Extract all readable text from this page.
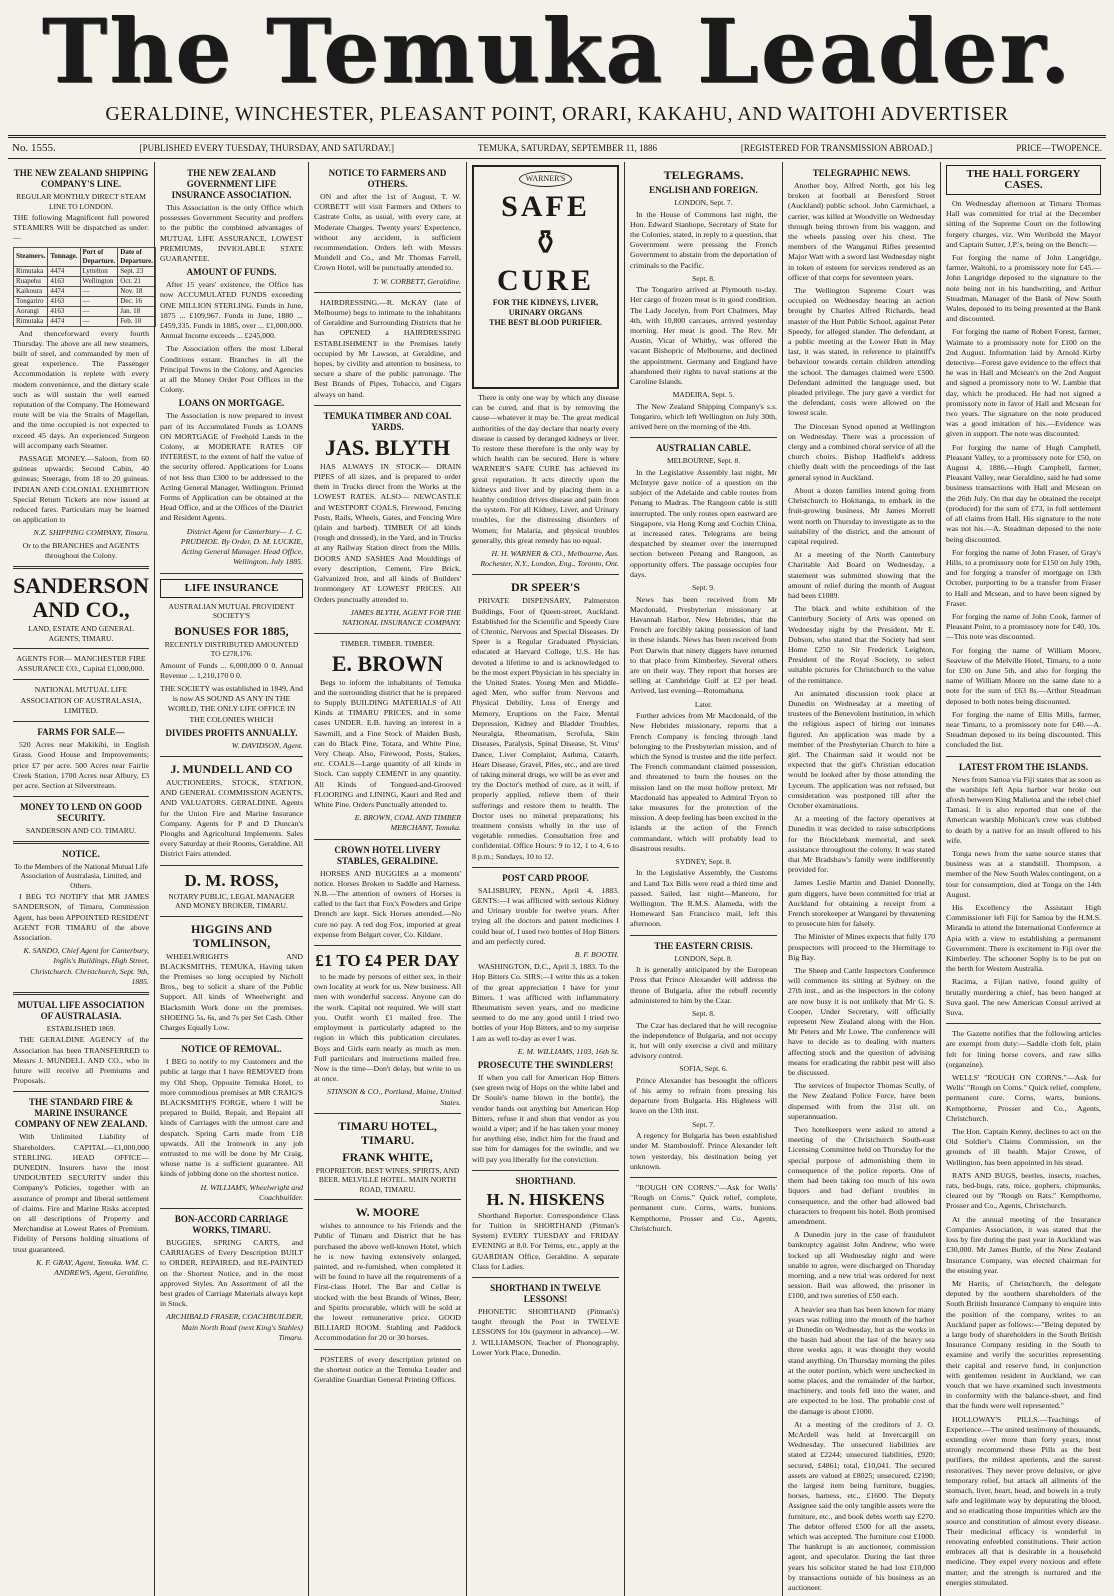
The Temuka Leader.
GERALDINE, WINCHESTER, PLEASANT POINT, ORARI, KAKAHU, AND WAITOHI ADVERTISER
No. 1555.	[PUBLISHED EVERY TUESDAY, THURSDAY, AND SATURDAY.]	TEMUKA, SATURDAY, SEPTEMBER 11, 1886	[REGISTERED FOR TRANSMISSION ABROAD.]	PRICE—TWOPENCE.
THE NEW ZEALAND SHIPPING COMPANY'S LINE.
REGULAR MONTHLY DIRECT STEAM LINE TO LONDON.

THE following Magnificent full powered STEAMERS Will be dispatched as under:—

Steamers.	Tonnage.	Port of Departure.	Date of Departure.
Rimutaka	4474	Lyttelton	Sept. 23
Ruapehu	4163	Wellington	Oct. 21
Kaikoura	4474	—	Nov. 18
Tongariro	4163	—	Dec. 16
Aorangi	4163	—	Jan. 18
Rimutaka	4474	—	Feb. 10

And thenceforward every fourth Thursday. The above are all new steamers, built of steel, and commanded by men of great experience. The Passenger Accommodation is replete with every modern convenience, and the dietary scale such as will sustain the well earned reputation of the Company. The Homeward route will be via the Straits of Magellan, and the time occupied is not expected to exceed 45 days. An experienced Surgeon will accompany each Steamer.

PASSAGE MONEY.—Saloon, from 60 guineas upwards; Second Cabin, 40 guineas; Steerage, from 18 to 20 guineas. INDIAN AND COLONIAL EXHIBITION Special Return Tickets are now issued at reduced fares. Particulars may be learned on application to

N.Z. SHIPPING COMPANY, Timaru.

Or to the BRANCHES and AGENTS throughout the Colony.

SANDERSON AND CO.,
LAND, ESTATE AND GENERAL AGENTS, TIMARU.

AGENTS FOR— MANCHESTER FIRE ASSURANCE CO., Capital £1,000,000.

NATIONAL MUTUAL LIFE ASSOCIATION OF AUSTRALASIA, LIMITED.

FARMS FOR SALE—

520 Acres near Makikihi, in English Grass. Good House and Improvements; price £7 per acre. 500 Acres near Fairlie Creek Station, 1700 Acres near Albury, £3 per acre. Section at Silverstream.

MONEY TO LEND ON GOOD SECURITY.
SANDERSON AND CO. TIMARU.
NOTICE.
To the Members of the National Mutual Life Association of Australasia, Limited, and Others.

I BEG TO NOTIFY that MR JAMES SANDERSON, of Timaru, Commission Agent, has been APPOINTED RESIDENT AGENT FOR TIMARU of the above Association.

K. SANDO, Chief Agent for Canterbury, Inglis's Buildings, High Street, Christchurch. Christchurch, Sept. 9th, 1885.
MUTUAL LIFE ASSOCIATION OF AUSTRALASIA.
ESTABLISHED 1869.

THE GERALDINE AGENCY of the Association has been TRANSFERRED to Messrs J. MUNDELL AND CO., who in future will receive all Premiums and Proposals.

THE STANDARD FIRE & MARINE INSURANCE COMPANY OF NEW ZEALAND.

With Unlimited Liability of Shareholders. CAPITAL—£1,000,000 STERLING. HEAD OFFICE—DUNEDIN. Insurers have the most UNDOUBTED SECURITY under this Company's Policies, together with an assurance of prompt and liberal settlement of claims. Fire and Marine Risks accepted on all descriptions of Property and Merchandise at Lowest Rates of Premium. Fidelity of Persons holding situations of trust guaranteed.

K. F. GRAY, Agent, Temuka. WM. C. ANDREWS, Agent, Geraldine.
THE NEW ZEALAND GOVERNMENT LIFE INSURANCE ASSOCIATION.

This Association is the only Office which possesses Government Security and proffers to the public the combined advantages of MUTUAL LIFE ASSURANCE, LOWEST PREMIUMS, INVIOLABLE STATE GUARANTEE.

AMOUNT OF FUNDS.

After 15 years' existence, the Office has now ACCUMULATED FUNDS exceeding ONE MILLION STERLING. Funds in June, 1875 ... £109,967. Funds in June, 1880 ... £459,335. Funds in 1885, over ... £1,000,000. Annual Income exceeds ... £245,000.

The Association offers the most Liberal Conditions extant. Branches in all the Principal Towns in the Colony, and Agencies at all the Money Order Post Offices in the Colony.

LOANS ON MORTGAGE.

The Association is now prepared to invest part of its Accumulated Funds as LOANS ON MORTGAGE of Freehold Lands in the Colony, at MODERATE RATES OF INTEREST, to the extent of half the value of the security offered. Applications for Loans of not less than £300 to be addressed to the Acting General Manager, Wellington. Printed Forms of Application can be obtained at the Head Office, and at the Offices of the District and Resident Agents.

District Agent for Canterbury— J. C. PRUDHOE. By Order, D. M. LUCKIE, Acting General Manager. Head Office, Wellington, July 1885.
LIFE INSURANCE
AUSTRALIAN MUTUAL PROVIDENT SOCIETY'S
BONUSES FOR 1885,
RECENTLY DISTRIBUTED AMOUNTED TO £278,176.

Amount of Funds ... 6,000,000 0 0. Annual Revenue ... 1,210,170 0 0.

THE SOCIETY was established in 1849, And is now AS SOUND AS ANY IN THE WORLD, THE ONLY LIFE OFFICE IN THE COLONIES WHICH

DIVIDES PROFITS ANNUALLY.
W. DAVIDSON, Agent.
J. MUNDELL AND CO

AUCTIONEERS, STOCK, STATION, AND GENERAL COMMISSION AGENTS, AND VALUATORS. GERALDINE. Agents for the Union Fire and Marine Insurance Company. Agents for P and D Duncan's Ploughs and Agricultural Implements. Sales every Saturday at their Rooms, Geraldine. All District Fairs attended.

D. M. ROSS,
NOTARY PUBLIC, LEGAL MANAGER AND MONEY BROKER, TIMARU.
HIGGINS AND TOMLINSON,

WHEELWRIGHTS AND BLACKSMITHS, TEMUKA, Having taken the Premises so long occupied by Nicholl Bros., beg to solicit a share of the Public Support. All kinds of Wheelwright and Blacksmith Work done on the premises. SHOEING 5s, 6s, and 7s per Set Cash. Other Charges Equally Low.

NOTICE OF REMOVAL.

I BEG to notify to my Customers and the public at large that I have REMOVED from my Old Shop, Opposite Temuka Hotel, to more commodious premises at MR CRAIG'S BLACKSMITH'S FORGE, where I will be prepared to Build, Repair, and Repaint all kinds of Carriages with the utmost care and despatch. Spring Carts made from £18 upwards. All the Ironwork in any job entrusted to me will be done by Mr Craig, whose name is a sufficient guarantee. All kinds of jobbing done on the shortest notice.

H. WILLIAMS, Wheelwright and Coachbuilder.
BON-ACCORD CARRIAGE WORKS, TIMARU.

BUGGIES, SPRING CARTS, and CARRIAGES of Every Description BUILT to ORDER, REPAIRED, and RE-PAINTED on the Shortest Notice, and in the most approved Styles. An Assortment of all the best grades of Carriage Materials always kept in Stock.

ARCHIBALD FRASER, COACHBUILDER, Main North Road (next King's Stables) Timaru.
NOTICE TO FARMERS AND OTHERS.

ON and after the 1st of August, T. W. CORBETT will visit Farmers and Others to Castrate Colts, as usual, with every care, at Moderate Charges. Twenty years' Experience, without any accident, is sufficient recommendation. Orders left with Messrs Mundell and Co., and Mr Thomas Farrell, Crown Hotel, will be punctually attended to.

T. W. CORBETT, Geraldine.

HAIRDRESSING.—R. McKAY (late of Melbourne) begs to intimate to the inhabitants of Geraldine and Surrounding Districts that he has OPENED a HAIRDRESSING ESTABLISHMENT in the Premises lately occupied by Mr Lawson, at Geraldine, and hopes, by civility and attention to business, to secure a share of the public patronage. The Best Brands of Pipes, Tobacco, and Cigars always on hand.

TEMUKA TIMBER AND COAL YARDS.
JAS. BLYTH

HAS ALWAYS IN STOCK— DRAIN PIPES of all sizes, and is prepared to order them in Trucks direct from the Works at the LOWEST RATES. ALSO— NEWCASTLE and WESTPORT COALS, Firewood, Fencing Posts, Rails, Wheels, Gates, and Fencing Wire (plain and barbed). TIMBER Of all kinds (rough and dressed), in the Yard, and in Trucks at any Railway Station direct from the Mills. DOORS AND SASHES And Mouldings of every description, Cement, Fire Brick, Galvanized Iron, and all kinds of Builders' Ironmongery AT LOWEST PRICES. All Orders punctually attended to.

JAMES BLYTH, AGENT FOR THE NATIONAL INSURANCE COMPANY.
TIMBER. TIMBER. TIMBER.
E. BROWN

Begs to inform the inhabitants of Temuka and the surrounding district that he is prepared to Supply BUILDING MATERIALS of All Kinds at TIMARU PRICES, and in some cases UNDER. E.B. having an interest in a Sawmill, and a Fine Stock of Maiden Bush, can do Black Pine, Totara, and White Pine, Very Cheap. Also, Firewood, Posts, Stakes, etc. COALS—Large quantity of all kinds in Stock. Can supply CEMENT in any quantity. All Kinds of Tongued-and-Grooved FLOORING and LINING, Kauri and Red and White Pine. Orders Punctually attended to.

E. BROWN, COAL AND TIMBER MERCHANT, Temuka.
CROWN HOTEL LIVERY STABLES, GERALDINE.

HORSES AND BUGGIES at a moments' notice. Horses Broken to Saddle and Harness. N.B.—The attention of owners of Horses is called to the fact that Fox's Powders and Gripe Drench are kept. Sick Horses attended.—No cure no pay. A red dog Fox, imported at great expense from Belgart cover, Co. Kildare.

£1 TO £4 PER DAY

to be made by persons of either sex, in their own locality at work for us. New business. All men with wonderful success. Anyone can do the work. Capital not required. We will start you. Outfit worth £1 mailed free. The employment is particularly adapted to the region in which this publication circulates. Boys and Girls earn nearly as much as men. Full particulars and instructions mailed free. Now is the time—Don't delay, but write to us at once.

STINSON & CO., Portland, Maine, United States.
TIMARU HOTEL, TIMARU.
FRANK WHITE,
PROPRIETOR. BEST WINES, SPIRITS, AND BEER. MELVILLE HOTEL. MAIN NORTH ROAD, TIMARU.
W. MOORE

wishes to announce to his Friends and the Public of Timaru and District that he has purchased the above well-known Hotel, which he is now having extensively enlarged, painted, and re-furnished, when completed it will be found to have all the requirements of a First-class Hotel. The Bar and Cellar is stocked with the best Brands of Wines, Beer, and Spirits procurable, which will be sold at the lowest remunerative price. GOOD BILLIARD ROOM. Stabling and Paddock Accommodation for 20 or 30 horses.

POSTERS of every description printed on the shortest notice at the Temuka Leader and Geraldine Guardian General Printing Offices.

WARNER'S
SAFE
⚱
CURE
FOR THE KIDNEYS, LIVER, URINARY ORGANS
THE BEST BLOOD PURIFIER.

There is only one way by which any disease can be cured, and that is by removing the cause—whatever it may be. The great medical authorities of the day declare that nearly every disease is caused by deranged kidneys or liver. To restore these therefore is the only way by which health can be secured. Here is where WARNER'S SAFE CURE has achieved its great reputation. It acts directly upon the kidneys and liver and by placing them in a healthy condition drives disease and pain from the system. For all Kidney, Liver, and Urinary troubles, for the distressing disorders of Women; for Malaria, and physical troubles generally, this great remedy has no equal.

H. H. WARNER & CO., Melbourne, Aus. Rochester, N.Y., London, Eng., Toronto, Ont.
DR SPEER'S

PRIVATE DISPENSARY, Palmerston Buildings, Foot of Queen-street, Auckland. Established for the Scientific and Speedy Cure of Chronic, Nervous and Special Diseases. Dr Speer is a Regular Graduated Physician, educated at Harvard College, U.S. He has devoted a lifetime to and is acknowledged to be the most expert Physician in his specialty in the United States. Young Men and Middle-aged Men, who suffer from Nervous and Physical Debility, Loss of Energy and Memory, Eruptions on the Face, Mental Depression, Kidney and Bladder Troubles, Neuralgia, Rheumatism, Scrofula, Skin Diseases, Paralysis, Spinal Disease, St. Vitus' Dance, Liver Complaint, Asthma, Catarrh, Heart Disease, Gravel, Piles, etc., and are tired of taking mineral drugs, we will be as ever and try the Doctor's method of cure, as it will, if properly applied, relieve them of their sufferings and restore them to health. The Doctor uses no mineral preparations; his treatment consists wholly in the use of vegetable remedies. Consultation free and confidential. Office Hours: 9 to 12, 1 to 4, 6 to 8 p.m.; Sundays, 10 to 12.

POST CARD PROOF.

SALISBURY, PENN., April 4, 1883. GENTS:—I was afflicted with serious Kidney and Urinary trouble for twelve years. After trying all the doctors and patent medicines I could hear of, I used two bottles of Hop Bitters and am perfectly cured.

B. F. BOOTH.

WASHINGTON, D.C., April 3, 1883. To the Hop Bitters Co. SIRS:—I write this as a token of the great appreciation I have for your Bitters. I was afflicted with inflammatory Rheumatism seven years, and no medicine seemed to do me any good until I tried two bottles of your Hop Bitters, and to my surprise I am as well to-day as ever I was.

E. M. WILLIAMS, 1103, 16th St.
PROSECUTE THE SWINDLERS!

If when you call for American Hop Bitters (see green twig of Hops on the white label and Dr Soule's name blown in the bottle), the vendor hands out anything but American Hop Bitters, refuse it and shun that vendor as you would a viper; and if he has taken your money for anything else, indict him for the fraud and sue him for damages for the swindle, and we will pay you liberally for the conviction.

SHORTHAND.
H. N. HISKENS

Shorthand Reporter. Correspondence Class for Tuition in SHORTHAND (Pitman's System) EVERY TUESDAY and FRIDAY EVENING at 8.0. For Terms, etc., apply at the GUARDIAN Office, Geraldine. A separate Class for Ladies.

SHORTHAND IN TWELVE LESSONS!

PHONETIC SHORTHAND (Pitman's) taught through the Post in TWELVE LESSONS for 10s (payment in advance).—W. J. WILLIAMSON, Teacher of Phonography, Lower York Place, Dunedin.

TELEGRAMS.
ENGLISH AND FOREIGN.
LONDON, Sept. 7.

In the House of Commons last night, the Hon. Edward Stanhope, Secretary of State for the Colonies, stated, in reply to a question, that Government were pressing the French Government to abstain from the deportation of criminals to the Pacific.

Sept. 8.

The Tongariro arrived at Plymouth to-day. Her cargo of frozen meat is in good condition. The Lady Jocelyn, from Port Chalmers, May 4th, with 10,800 carcases, arrived yesterday morning. Her meat is good. The Rev. Mr Austin, Vicar of Whitby, was offered the vacant Bishopric of Melbourne, and declined the appointment. Germany and England have abandoned their rights to naval stations at the Caroline Islands.

MADEIRA, Sept. 5.

The New Zealand Shipping Company's s.s. Tongariro, which left Wellington on July 30th, arrived here on the morning of the 4th.

AUSTRALIAN CABLE.
MELBOURNE, Sept. 8.

In the Legislative Assembly last night, Mr McIntyre gave notice of a question on the subject of the Adelaide and cable routes from Penang to Madras. The Rangoon cable is still interrupted. The only routes open eastward are Singapore, via Hong Kong and Cochin China, at increased rates. Telegrams are being despatched by steamer over the interrupted section between Penang and Rangoon, as opportunity offers. The passage occupies four days.

Sept. 9.

News has been received from Mr Macdonald, Presbyterian missionary at Havannah Harbor, New Hebrides, that the French are forcibly taking possession of land in these islands. News has been received from Port Darwin that ninety diggers have returned to that place from Kimberley. Several others are on their way. They report that horses are selling at Cambridge Gulf at £2 per head. Arrived, last evening—Rotomahana.

Later.

Further advices from Mr Macdonald, of the New Hebrides missionary, reports that a French Company is fencing through land belonging to the Presbyterian mission, and of which the Synod is trustee and the title perfect. The French commandant claimed possession, and threatened to burn the houses on the mission land on the most hollow pretext. Mr Macdonald has appealed to Admiral Tryon to take measures for the protection of the mission. A deep feeling has been excited in the islands at the action of the French commandant, which will probably lead to disastrous results.

SYDNEY, Sept. 8.

In the Legislative Assembly, the Customs and Land Tax Bills were read a third time and passed. Sailed, last night—Manroto, for Wellington. The R.M.S. Alameda, with the Homeward San Francisco mail, left this afternoon.

THE EASTERN CRISIS.
LONDON, Sept. 8.

It is generally anticipated by the European Press that Prince Alexander will address the throne of Bulgaria, after the rebuff recently administered to him by the Czar.

Sept. 8.

The Czar has declared that he will recognise the independence of Bulgaria, and not occupy it, but will only exercise a civil and military advisory control.

SOFIA, Sept. 6.

Prince Alexander has besought the officers of his army to refrain from pressing his departure from Bulgaria. His Highness will leave on the 13th inst.

Sept. 7.

A regency for Bulgaria has been established under M. Stambouloff. Prince Alexander left town yesterday, his destination being yet unknown.

"ROUGH ON CORNS."—Ask for Wells' "Rough on Corns." Quick relief, complete, permanent cure. Corns, warts, bunions. Kempthorne, Prosser and Co., Agents, Christchurch.

TELEGRAPHIC NEWS.

Another boy, Alfred North, got his leg broken at football at Beresford Street (Auckland) public school. John Carmichael, a carrier, was killed at Woodville on Wednesday through being thrown from his waggon, and the wheels passing over his chest. The members of the Wanganui Rifles presented Major Watt with a sword last Wednesday night in token of esteem for services rendered as an officer of that corps for seventeen years.

The Wellington Supreme Court was occupied on Wednesday hearing an action brought by Charles Alfred Richards, head master of the Hutt Public School, against Peter Speedy, for alleged slander. The defendant, at a public meeting at the Lower Hutt in May last, it was stated, in reference to plaintiff's behaviour towards certain children attending the school. The damages claimed were £500. Defendant admitted the language used, but pleaded privilege. The jury gave a verdict for the defendant, costs were allowed on the lowest scale.

The Diocesan Synod opened at Wellington on Wednesday. There was a procession of clergy and a combined choral service of all the church choirs. Bishop Hadfield's address chiefly dealt with the proceedings of the last general synod in Auckland.

About a dozen families intend going from Christchurch to Hokitanga, to embark in the fruit-growing business. Mr James Morrell went north on Thursday to investigate as to the suitability of the district, and the amount of capital required.

At a meeting of the North Canterbury Charitable Aid Board on Wednesday, a statement was submitted showing that the amount of relief during the month of August had been £1089.

The black and white exhibition of the Canterbury Society of Arts was opened on Wednesday night by the President, Mr E. Dobson, who stated that the Society had sent Home £250 to Sir Frederick Leighton, President of the Royal Society, to select suitable pictures for Christchurch to the value of the remittance.

An animated discussion took place at Dunedin on Wednesday at a meeting of trustees of the Benevolent Institution, in which the religious aspect of hiring out inmates figured. An application was made by a member of the Presbyterian Church to hire a girl. The Chairman said it would not be expected that the girl's Christian education would be looked after by those attending the Lyceum. The application was not refused, but consideration was postponed till after the October examinations.

At a meeting of the factory operatives at Dunedin it was decided to raise subscriptions for the Brocklebank memorial, and seek assistance throughout the colony. It was stated that Mr Bradshaw's family were indifferently provided for.

James Leslie Martin and Daniel Donnelly, gum diggers, have been committed for trial at Auckland for obtaining a receipt from a French storekeeper at Wangarei by threatening to prosecute him for falsely.

The Minister of Mines expects that fully 170 prospectors will proceed to the Hermitage to Big Bay.

The Sheep and Cattle Inspectors Conference will commence its sitting at Sydney on the 27th inst., and as the inspectors in the colony are now busy it is not unlikely that Mr G. S. Cooper, Under Secretary, will officially represent New Zealand along with the Hon. Mr Peters and Mr Lowe. The conference will have to decide as to dealing with matters affecting stock and the question of advising means for eradicating the rabbit pest will also be discussed.

The services of Inspector Thomas Scully, of the New Zealand Police Force, have been dispensed with from the 31st ult. on superannuation.

Two hotelkeepers were asked to attend a meeting of the Christchurch South-east Licensing Committee held on Thursday for the special purpose of admonishing them in consequence of the police reports. One of them had been taking too much of his own liquors and had defiant troubles in consequence, and the other had allowed bad characters to frequent his hotel. Both promised amendment.

A Dunedin jury in the case of fraudulent bankruptcy against John Andrew, who were locked up all Wednesday night and were unable to agree, were discharged on Thursday morning, and a new trial was ordered for next session. Bail was allowed, the prisoner in £100, and two sureties of £50 each.

A heavier sea than has been known for many years was rolling into the mouth of the harbor at Dunedin on Wednesday, but as the works in the basin had about the last of the heavy sea three weeks ago, it was thought they would stand anything. On Thursday morning the piles at the outer portion, which were unchecked in some places, and the remainder of the harbor, machinery, and tools fell into the water, and are expected to be lost. The probable cost of the damage is about £1000.

At a meeting of the creditors of J. O. McArdell was held at Invercargill on Wednesday. The unsecured liabilities are stated at £2244; unsecured liabilities, £920; secured, £4861; total, £10,041. The secured assets are valued at £8025; unsecured, £2190; the largest item being furniture, buggies, horses, harness, etc., £1600. The Deputy Assignee said the only tangible assets were the furniture, etc., and book debts worth say £270. The debtor offered £500 for all the assets, which was accepted. The furniture cost £1000. The bankrupt is an auctioneer, commission agent, and speculator. During the last three years his solicitor stated he had lost £10,000 by transactions outside of his business as an auctioneer.

THE HALL FORGERY CASES.

On Wednesday afternoon at Timaru Thomas Hall was committed for trial at the December sitting of the Supreme Court on the following forgery charges, viz. Wm Weribold the Mayor and Captain Sutter, J.P.'s, being on the Bench:—

For forging the name of John Langridge, farmer, Waitohi, to a promissory note for £45.—John Langridge deposed to the signature to the note being not in his handwriting, and Arthur Steadman, Manager of the Bank of New South Wales, deposed to its being presented at the Bank and discounted.

For forging the name of Robert Forest, farmer, Waimate to a promissory note for £100 on the 2nd August. Information laid by Arnold Kirby detective—Forest gave evidence to the effect that he was in Hall and Mcsean's on the 2nd August and signed a promissory note to W. Lambie that day, which he produced. He had not signed a promissory note in favor of Hall and Mcsean for two years. The signature on the note produced was a good imitation of his.—Evidence was given in support. The note was discounted.

For forging the name of Hugh Campbell, Pleasant Valley, to a promissory note for £50, on August 4, 1886.—Hugh Campbell, farmer, Pleasant Valley, near Geraldine, said he had some business transactions with Hall and Mcsean on the 26th July. On that day he obtained the receipt (produced) for the sum of £73, in full settlement of all claims from Hall. His signature to the note was not his.—A. Steadman deposed to the note being discounted.

For forging the name of John Fraser, of Gray's Hills, to a promissory note for £150 on July 19th, and for forging a transfer of mortgage on 13th October, purporting to be a transfer from Fraser to Hall and Mcsean, and to have been signed by Fraser.

For forging the name of John Cook, farmer of Pleasant Point, to a promissory note for £40, 10s.—This note was discounted.

For forging the name of William Moore, Seaview of the Melville Hotel, Timaru, to a note for £30 on June 5th, and also for forging the name of William Moore on the same date to a note for the sum of £63 8s.—Arthur Steadman deposed to both notes being discounted.

For forging the name of Ellis Mills, farmer, near Timaru, to a promissory note for £40.—A. Steadman deposed to its being discounted. This concluded the list.

LATEST FROM THE ISLANDS.

News from Samoa via Fiji states that as soon as the warships left Apia harbor war broke out afresh between King Malietoa and the rebel chief Tamasi. It is also reported that one of the American warship Mohican's crew was clubbed to death by a native for an insult offered to his wife.

Tonga news from the same source states that business was at a standstill. Thompson, a member of the New South Wales contingent, on a tour for consumption, died at Tonga on the 14th August.

His Excellency the Assistant High Commissioner left Fiji for Samoa by the H.M.S. Miranda to attend the International Conference at Apia with a view to establishing a permanent Government. There is excitement in Fiji over the Kimberley. The schooner Sophy is to be put on the berth for Western Australia.

Racima, a Fijian native, found guilty of brutally murdering a chief, has been hanged at Suva gaol. The new American Consul arrived at Suva.

The Gazette notifies that the following articles are exempt from duty:—Saddle cloth felt, plain felt for lining horse covers, and raw silks (organzine).

WELLS' "ROUGH ON CORNS."—Ask for Wells' "Rough on Corns." Quick relief, complete, permanent cure. Corns, warts, bunions. Kempthorne, Prosser and Co., Agents, Christchurch.

The Hon. Captain Kenny, declines to act on the Old Soldier's Claims Commission, on the grounds of ill health. Major Crowe, of Wellington, has been appointed in his stead.

RATS AND BUGS, beetles, insects, roaches, rats, bed-bugs, rats, mice, gophers, chipmunks, cleared out by "Rough on Rats." Kempthorne, Prosser and Co., Agents, Christchurch.

At the annual meeting of the Insurance Companies Association, it was stated that the loss by fire during the past year in Auckland was £30,000. Mr James Buttle, of the New Zealand Insurance Company, was elected chairman for the ensuing year.

Mr Harris, of Christchurch, the delegate deputed by the southern shareholders of the South British Insurance Company to enquire into the position of the company, writes to an Auckland paper as follows:—"Being deputed by a large body of shareholders in the South British Insurance Company residing in the South to examine and verify the securities representing their capital and reserve fund, in conjunction with gentlemen resident in Auckland, we can vouch that we have examined such investments in conformity with the balance-sheet, and find that the funds were well represented."

HOLLOWAY'S PILLS.—Teachings of Experience.—The united testimony of thousands, extending over more than forty years, most strongly recommend these Pills as the best purifiers, the mildest aperients, and the surest restoratives. They never prove delusive, or give temporary relief, but attack all ailments of the stomach, liver, heart, head, and bowels in a truly safe and legitimate way by depurating the blood, and so eradicating those impurities which are the source and constitution of almost every disease. Their medicinal efficacy is wonderful in renovating enfeebled constitutions. Their action embraces all that is desirable in a household medicine. They expel every noxious and effete matter; and the strength is nurtured and the energies stimulated.
